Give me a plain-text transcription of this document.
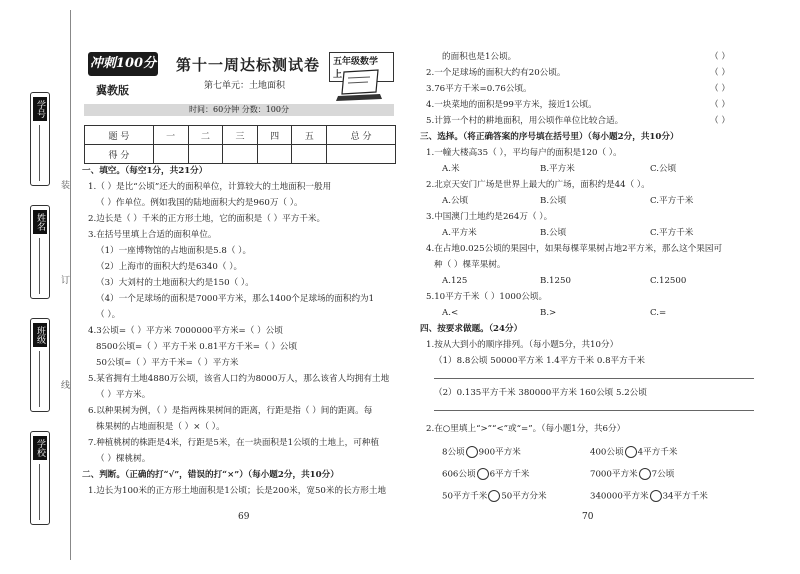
学号
姓名
班级
学校
装
订
线
冲刺100分
冀教版
第十一周达标测试卷
第七单元：土地面积
五年级数学 上
时间：60分钟 分数：100分
题 号	一	二	三	四	五	总 分
得 分						
一、填空。（每空1分，共21分）
1.（ ）是比“公顷”还大的面积单位，计算较大的土地面积一般用
（ ）作单位。例如我国的陆地面积大约是960万（ ）。
2.边长是（ ）千米的正方形土地，它的面积是（ ）平方千米。
3.在括号里填上合适的面积单位。
（1）一座博物馆的占地面积是5.8（ ）。
（2）上海市的面积大约是6340（ ）。
（3）大刘村的土地面积大约是150（ ）。
（4）一个足球场的面积是7000平方米，那么1400个足球场的面积约为1
（ ）。
4.3公顷=（ ）平方米 7000000平方米=（ ）公顷
8500公顷=（ ）平方千米 0.81平方千米=（ ）公顷
50公顷=（ ）平方千米=（ ）平方米
5.某省拥有土地4880万公顷，该省人口约为8000万人，那么该省人均拥有土地
（ ）平方米。
6.以种果树为例，（ ）是指两株果树间的距离，行距是指（ ）间的距离。每
株果树的占地面积是（ ）×（ ）。
7.种植桃树的株距是4米，行距是5米，在一块面积是1公顷的土地上，可种植
（ ）棵桃树。
二、判断。（正确的打“√”，错误的打“×”）（每小题2分，共10分）
1.边长为100米的正方形土地面积是1公顷；长是200米，宽50米的长方形土地
69
的面积也是1公顷。	（ ）
2.一个足球场的面积大约有20公顷。	（ ）
3.76平方千米=0.76公顷。	（ ）
4.一块菜地的面积是99平方米，接近1公顷。	（ ）
5.计算一个村的耕地面积，用公顷作单位比较合适。	（ ）
三、选择。（将正确答案的序号填在括号里）（每小题2分，共10分）
1.一幢大楼高35（ ），平均每户的面积是120（ ）。
A.米	B.平方米	C.公顷
2.北京天安门广场是世界上最大的广场，面积约是44（ ）。
A.公顷	B.公顷	C.平方千米
3.中国澳门土地约是264万（ ）。
A.平方米	B.公顷	C.平方千米
4.在占地0.025公顷的果园中，如果每棵苹果树占地2平方米，那么这个果园可
种（ ）棵苹果树。
A.125	B.1250	C.12500
5.10平方千米（ ）1000公顷。
A.<	B.>	C.=
四、按要求做题。（24分）
1.按从大到小的顺序排列。（每小题5分，共10分）
（1）8.8公顷 50000平方米 1.4平方千米 0.8平方千米
（2）0.135平方千米 380000平方米 160公顷 5.2公顷
2.在○里填上“>”“<”或“=”。（每小题1分，共6分）
8公顷 900平方米	400公顷 4平方千米
606公顷 6平方千米	7000平方米 7公顷
50平方千米 50平方分米	340000平方米 34平方千米
70
